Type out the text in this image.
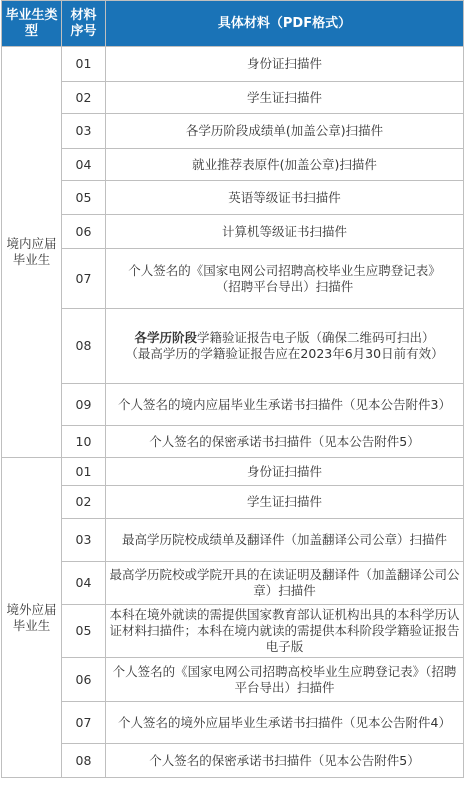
毕业生类型	材料序号	具体材料（PDF格式）
境内应届毕业生	01	身份证扫描件

	02	学生证扫描件

	03	各学历阶段成绩单(加盖公章)扫描件

	04	就业推荐表原件(加盖公章)扫描件

	05	英语等级证书扫描件

	06	计算机等级证书扫描件

	07	个人签名的《国家电网公司招聘高校毕业生应聘登记表》
（招聘平台导出）扫描件

	08	各学历阶段学籍验证报告电子版（确保二维码可扫出）
（最高学历的学籍验证报告应在2023年6月30日前有效）

	09	个人签名的境内应届毕业生承诺书扫描件（见本公告附件3）

	10	个人签名的保密承诺书扫描件（见本公告附件5）

境外应届毕业生	01	身份证扫描件

	02	学生证扫描件

	03	最高学历院校成绩单及翻译件（加盖翻译公司公章）扫描件

	04	最高学历院校或学院开具的在读证明及翻译件（加盖翻译公司公章）扫描件

	05	本科在境外就读的需提供国家教育部认证机构出具的本科学历认证材料扫描件；本科在境内就读的需提供本科阶段学籍验证报告电子版

	06	个人签名的《国家电网公司招聘高校毕业生应聘登记表》（招聘平台导出）扫描件

	07	个人签名的境外应届毕业生承诺书扫描件（见本公告附件4）

	08	个人签名的保密承诺书扫描件（见本公告附件5）
